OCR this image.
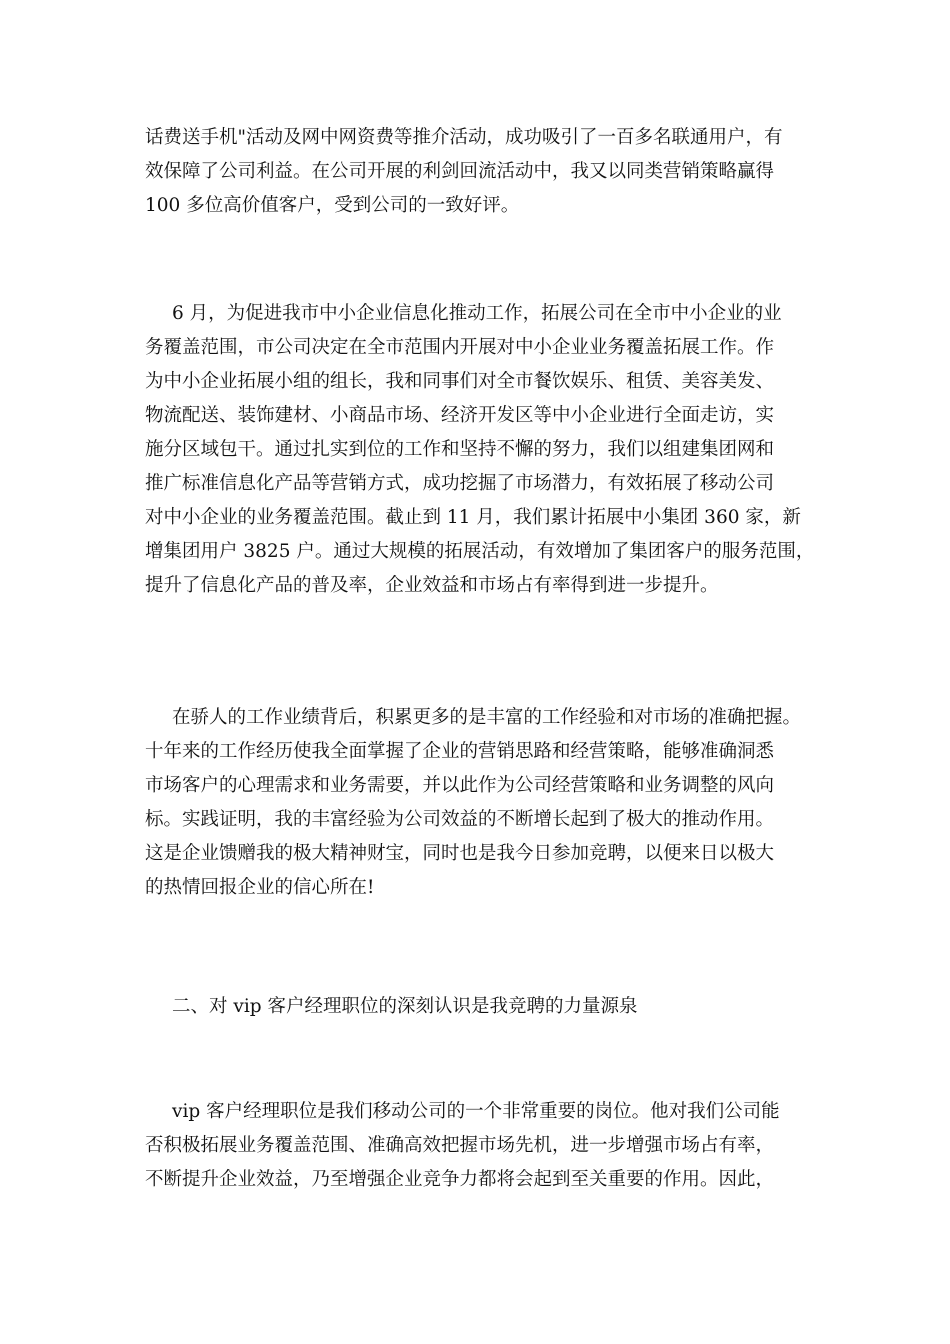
话费送手机"活动及网中网资费等推介活动，成功吸引了一百多名联通用户，有
效保障了公司利益。在公司开展的利剑回流活动中，我又以同类营销策略赢得
100 多位高价值客户，受到公司的一致好评。
6 月，为促进我市中小企业信息化推动工作，拓展公司在全市中小企业的业
务覆盖范围，市公司决定在全市范围内开展对中小企业业务覆盖拓展工作。作
为中小企业拓展小组的组长，我和同事们对全市餐饮娱乐、租赁、美容美发、
物流配送、装饰建材、小商品市场、经济开发区等中小企业进行全面走访，实
施分区域包干。通过扎实到位的工作和坚持不懈的努力，我们以组建集团网和
推广标准信息化产品等营销方式，成功挖掘了市场潜力，有效拓展了移动公司
对中小企业的业务覆盖范围。截止到 11 月，我们累计拓展中小集团 360 家，新
增集团用户 3825 户。通过大规模的拓展活动，有效增加了集团客户的服务范围，
提升了信息化产品的普及率，企业效益和市场占有率得到进一步提升。
在骄人的工作业绩背后，积累更多的是丰富的工作经验和对市场的准确把握。
十年来的工作经历使我全面掌握了企业的营销思路和经营策略，能够准确洞悉
市场客户的心理需求和业务需要，并以此作为公司经营策略和业务调整的风向
标。实践证明，我的丰富经验为公司效益的不断增长起到了极大的推动作用。
这是企业馈赠我的极大精神财宝，同时也是我今日参加竞聘，以便来日以极大
的热情回报企业的信心所在!
二、对 vip 客户经理职位的深刻认识是我竞聘的力量源泉
vip 客户经理职位是我们移动公司的一个非常重要的岗位。他对我们公司能
否积极拓展业务覆盖范围、准确高效把握市场先机，进一步增强市场占有率，
不断提升企业效益，乃至增强企业竞争力都将会起到至关重要的作用。因此，
